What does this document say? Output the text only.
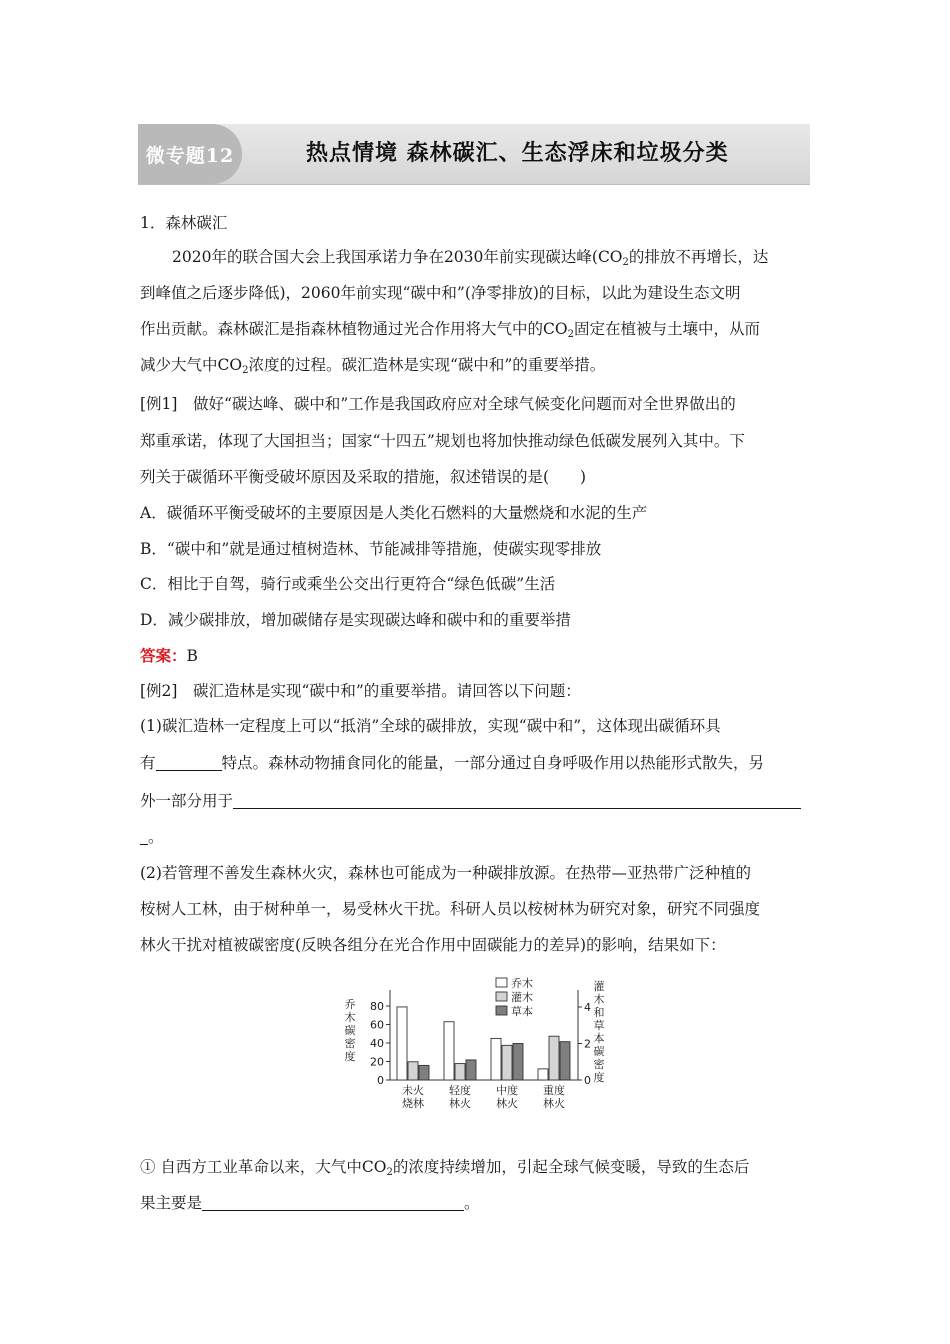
微专题12	热点情境 森林碳汇、生态浮床和垃圾分类
1．森林碳汇
2020年的联合国大会上我国承诺力争在2030年前实现碳达峰($CO_2$的排放不再增长，达
到峰值之后逐步降低)，2060年前实现“碳中和”(净零排放)的目标，以此为建设生态文明
作出贡献。森林碳汇是指森林植物通过光合作用将大气中的$CO_2$固定在植被与土壤中，从而
减少大气中$CO_2$浓度的过程。碳汇造林是实现“碳中和”的重要举措。
[例1]　做好“碳达峰、碳中和”工作是我国政府应对全球气候变化问题而对全世界做出的
郑重承诺，体现了大国担当；国家“十四五”规划也将加快推动绿色低碳发展列入其中。下
列关于碳循环平衡受破坏原因及采取的措施，叙述错误的是(　　)
A．碳循环平衡受破坏的主要原因是人类化石燃料的大量燃烧和水泥的生产
B．“碳中和”就是通过植树造林、节能减排等措施，使碳实现零排放
C．相比于自驾，骑行或乘坐公交出行更符合“绿色低碳”生活
D．减少碳排放，增加碳储存是实现碳达峰和碳中和的重要举措
答案：B
[例2]　碳汇造林是实现“碳中和”的重要举措。请回答以下问题：
(1)碳汇造林一定程度上可以“抵消”全球的碳排放，实现“碳中和”，这体现出碳循环具
有	特点。森林动物捕食同化的能量，一部分通过自身呼吸作用以热能形式散失，另
外一部分用于
。
(2)若管理不善发生森林火灾，森林也可能成为一种碳排放源。在热带—亚热带广泛种植的
桉树人工林，由于树种单一，易受林火干扰。科研人员以桉树林为研究对象，研究不同强度
林火干扰对植被碳密度(反映各组分在光合作用中固碳能力的差异)的影响，结果如下：
0
20
40
60
80
0
2
4
乔
木
碳
密
度
灌
木
和
草
本
碳
密
度
未火
烧林
轻度
林火
中度
林火
重度
林火
乔木
灌木
草本
① 自西方工业革命以来，大气中$CO_2$的浓度持续增加，引起全球气候变暖，导致的生态后
果主要是	。
